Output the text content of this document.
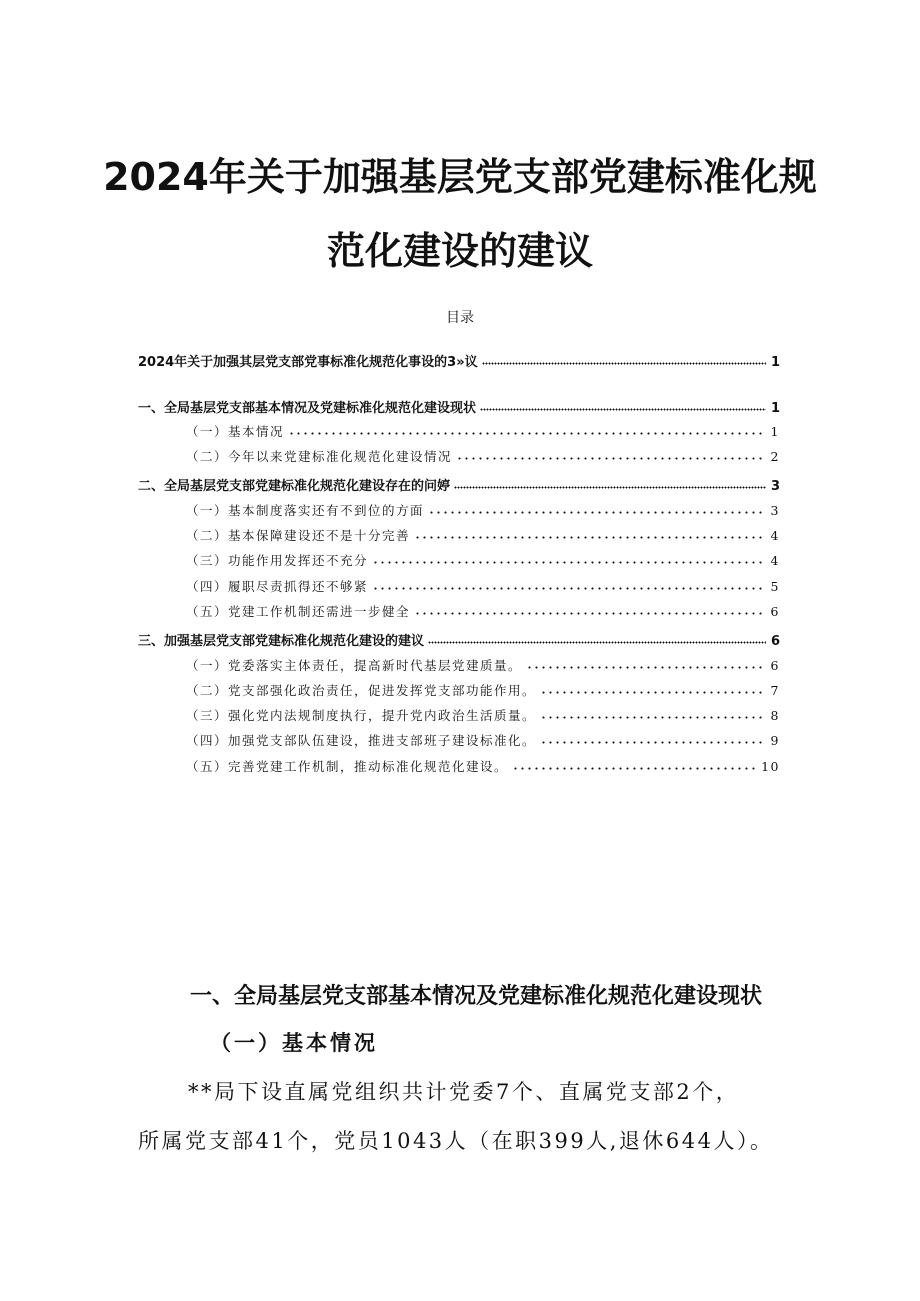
2024年关于加强基层党支部党建标准化规
范化建设的建议

目录

2024年关于加强其层党支部党事标准化规范化事设的3»议	1
一、全局基层党支部基本情况及党建标准化规范化建设现状	1
（一）基本情况	1
（二）今年以来党建标准化规范化建设情况	2
二、全局基层党支部党建标准化规范化建设存在的问婷	3
（一）基本制度落实还有不到位的方面	3
（二）基本保障建设还不是十分完善	4
（三）功能作用发挥还不充分	4
（四）履职尽责抓得还不够紧	5
（五）党建工作机制还需进一步健全	6
三、加强基层党支部党建标准化规范化建设的建议	6
（一）党委落实主体责任，提高新时代基层党建质量。	6
（二）党支部强化政治责任，促进发挥党支部功能作用。	7
（三）强化党内法规制度执行，提升党内政治生活质量。	8
（四）加强党支部队伍建设，推进支部班子建设标准化。	9
（五）完善党建工作机制，推动标准化规范化建设。	10
一、全局基层党支部基本情况及党建标准化规范化建设现状
（一）基本情况

**局下设直属党组织共计党委7个、直属党支部2个，

所属党支部41个，党员1043人（在职399人,退休644人）。
